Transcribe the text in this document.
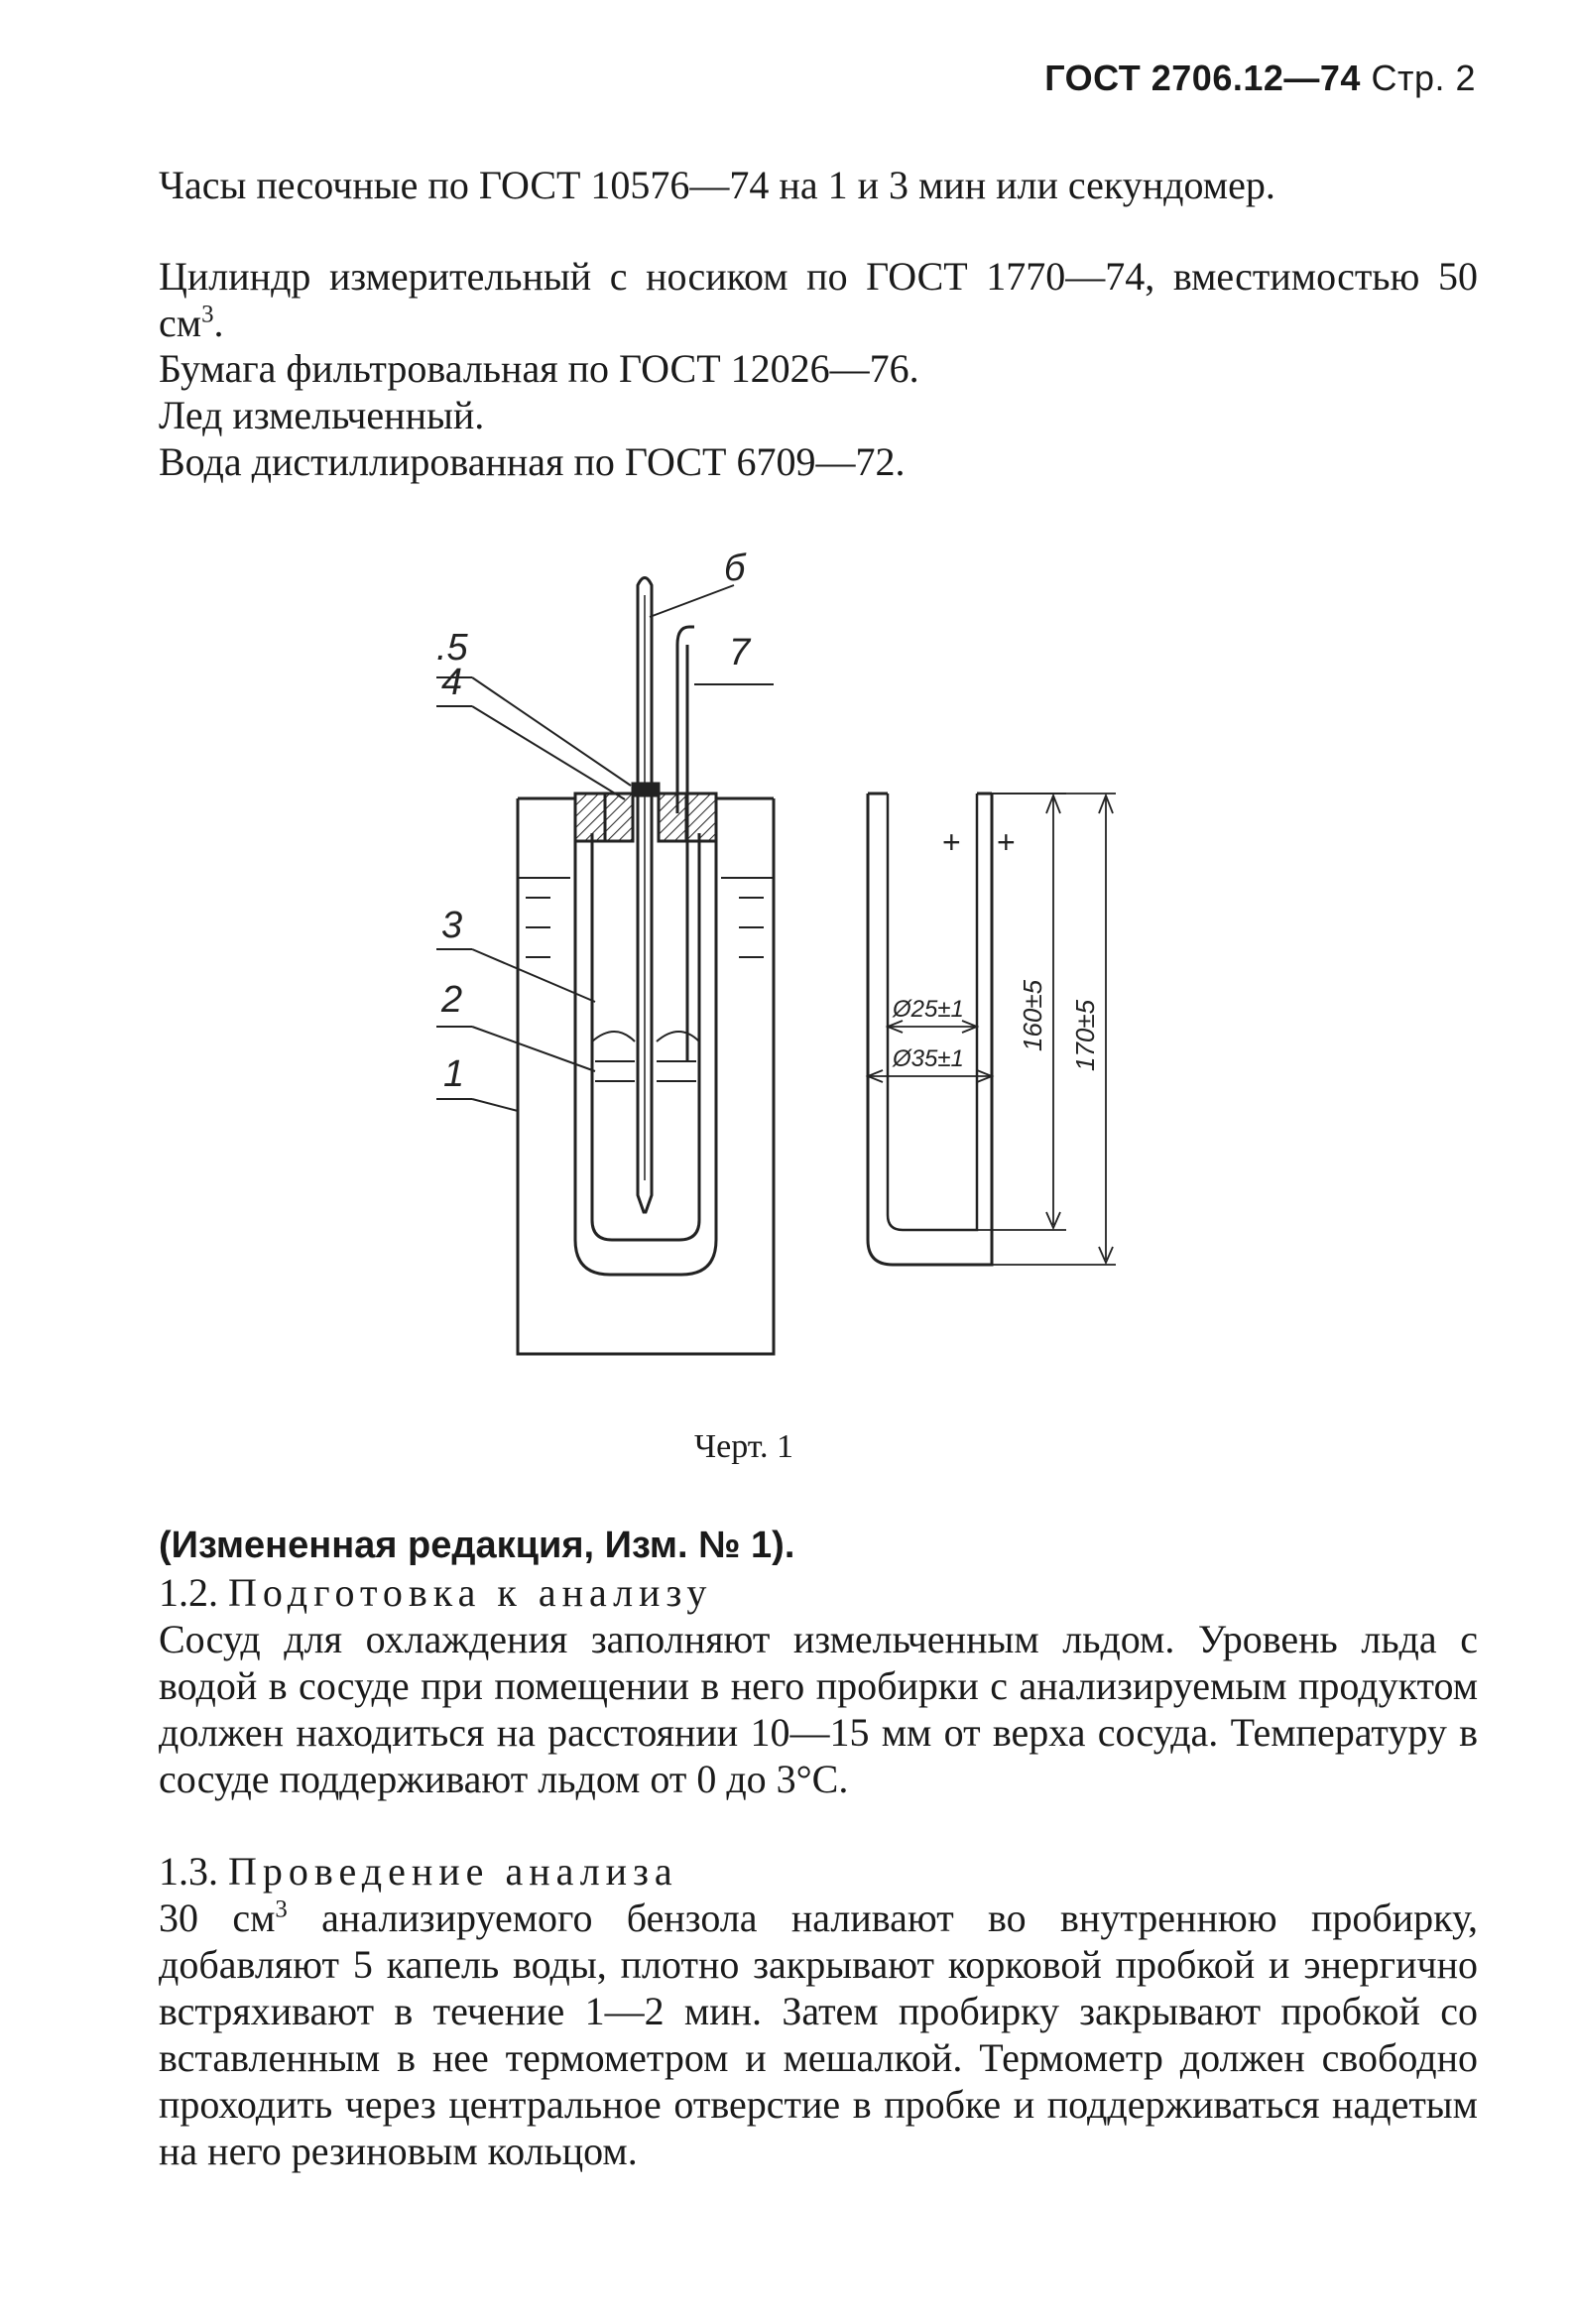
ГОСТ 2706.12—74 Стр. 2

Часы песочные по ГОСТ 10576—74 на 1 и 3 мин или секундомер.

Цилиндр измерительный с носиком по ГОСТ 1770—74, вместимостью 50 $см^3$.

Бумага фильтровальная по ГОСТ 12026—76.

Лед измельченный.

Вода дистиллированная по ГОСТ 6709—72.

.5
4
б
7
3
2
1
+ +
Ø25±1
Ø35±1
160±5 170±5
Черт. 1

(Измененная редакция, Изм. № 1).

1.2. Подготовка к анализу

Сосуд для охлаждения заполняют измельченным льдом. Уровень льда с водой в сосуде при помещении в него пробирки с анализируемым продуктом должен находиться на расстоянии 10—15 мм от верха сосуда. Температуру в сосуде поддерживают льдом от 0 до 3°С.

1.3. Проведение анализа

30 $см^3$ анализируемого бензола наливают во внутреннюю пробирку, добавляют 5 капель воды, плотно закрывают корковой пробкой и энергично встряхивают в течение 1—2 мин. Затем пробирку закрывают пробкой со вставленным в нее термометром и мешалкой. Термометр должен свободно проходить через центральное отверстие в пробке и поддерживаться надетым на него резиновым кольцом.
